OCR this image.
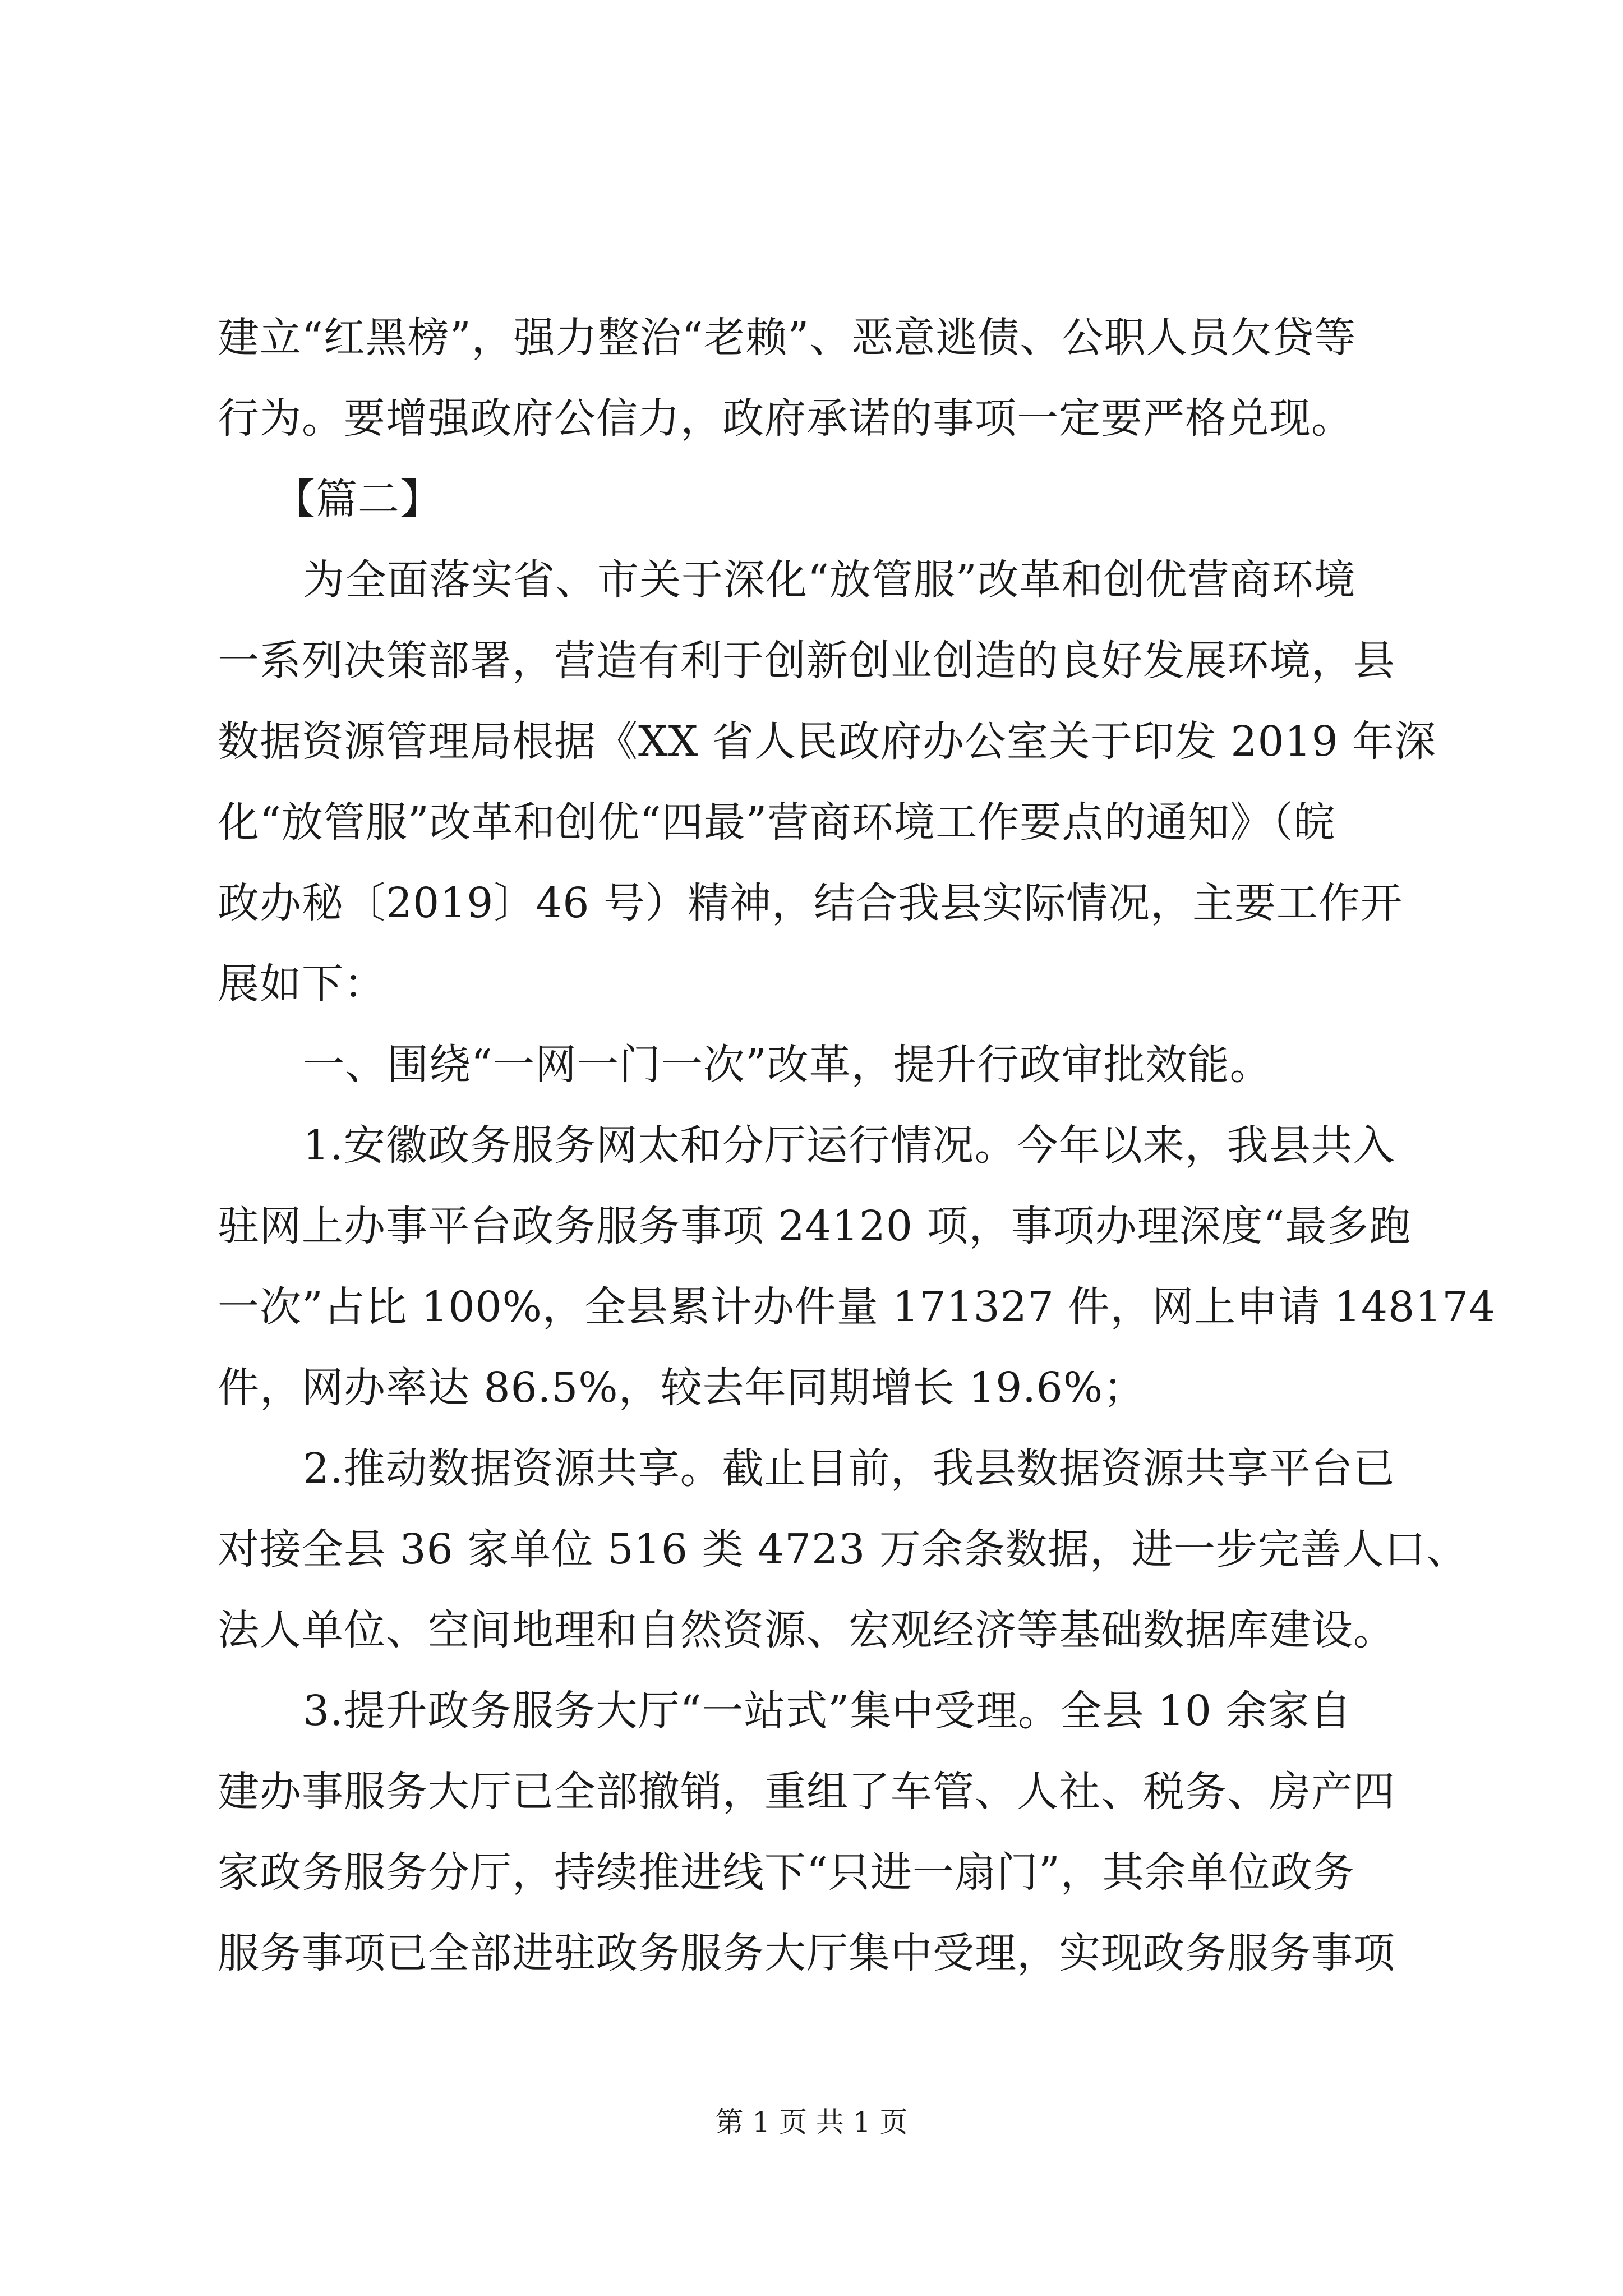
建立“红黑榜”，强力整治“老赖”、恶意逃债、公职人员欠贷等
行为。要增强政府公信力，政府承诺的事项一定要严格兑现。
【篇二】
为全面落实省、市关于深化“放管服”改革和创优营商环境
一系列决策部署，营造有利于创新创业创造的良好发展环境，县
数据资源管理局根据《XX 省人民政府办公室关于印发 2019 年深
化“放管服”改革和创优“四最”营商环境工作要点的通知》（皖
政办秘〔2019〕46 号）精神，结合我县实际情况，主要工作开
展如下：
一、围绕“一网一门一次”改革，提升行政审批效能。
1.安徽政务服务网太和分厅运行情况。今年以来，我县共入
驻网上办事平台政务服务事项 24120 项，事项办理深度“最多跑
一次”占比 100%，全县累计办件量 171327 件，网上申请 148174
件，网办率达 86.5%，较去年同期增长 19.6%；
2.推动数据资源共享。截止目前，我县数据资源共享平台已
对接全县 36 家单位 516 类 4723 万余条数据，进一步完善人口、
法人单位、空间地理和自然资源、宏观经济等基础数据库建设。
3.提升政务服务大厅“一站式”集中受理。全县 10 余家自
建办事服务大厅已全部撤销，重组了车管、人社、税务、房产四
家政务服务分厅，持续推进线下“只进一扇门”，其余单位政务
服务事项已全部进驻政务服务大厅集中受理，实现政务服务事项
第 1 页 共 1 页
